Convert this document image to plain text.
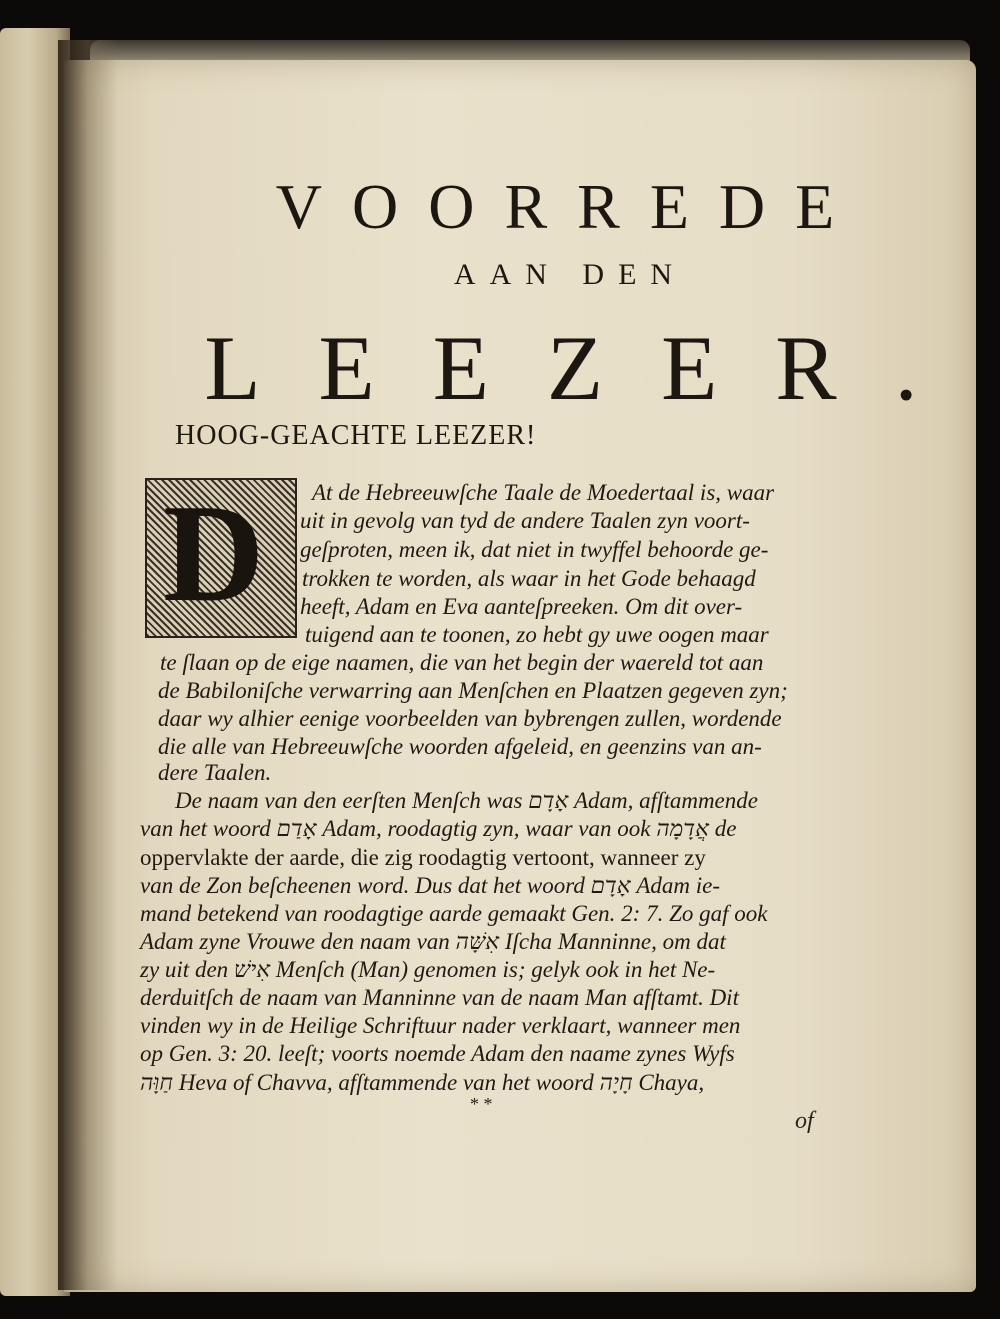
VOORREDE
AAN DEN
LEEZER.
HOOG-GEACHTE LEEZER!
D At de Hebreeuwſche Taale de Moedertaal is, waar
uit in gevolg van tyd de andere Taalen zyn voort-
geſproten, meen ik, dat niet in twyffel behoorde ge-
trokken te worden, als waar in het Gode behaagd
heeft, Adam en Eva aanteſpreeken. Om dit over-
tuigend aan te toonen, zo hebt gy uwe oogen maar
te ſlaan op de eige naamen, die van het begin der waereld tot aan
de Babiloniſche verwarring aan Menſchen en Plaatzen gegeven zyn;
daar wy alhier eenige voorbeelden van bybrengen zullen, wordende
die alle van Hebreeuwſche woorden afgeleid, en geenzins van an-
dere Taalen.
De naam van den eerſten Menſch was אָדָם Adam, afſtammende
van het woord אָדַם Adam, roodagtig zyn, waar van ook אֲדָמָה de
oppervlakte der aarde, die zig roodagtig vertoont, wanneer zy
van de Zon beſcheenen word. Dus dat het woord אָדָם Adam ie-
mand betekend van roodagtige aarde gemaakt Gen. 2: 7. Zo gaf ook
Adam zyne Vrouwe den naam van אִשָּׁה Iſcha Manninne, om dat
zy uit den אִישׁ Menſch (Man) genomen is; gelyk ook in het Ne-
derduitſch de naam van Manninne van de naam Man afſtamt. Dit
vinden wy in de Heilige Schriftuur nader verklaart, wanneer men
op Gen. 3: 20. leeſt; voorts noemde Adam den naame zynes Wyfs
חַוָּה Heva of Chavva, afſtammende van het woord חָיָה Chaya,
* *
of
